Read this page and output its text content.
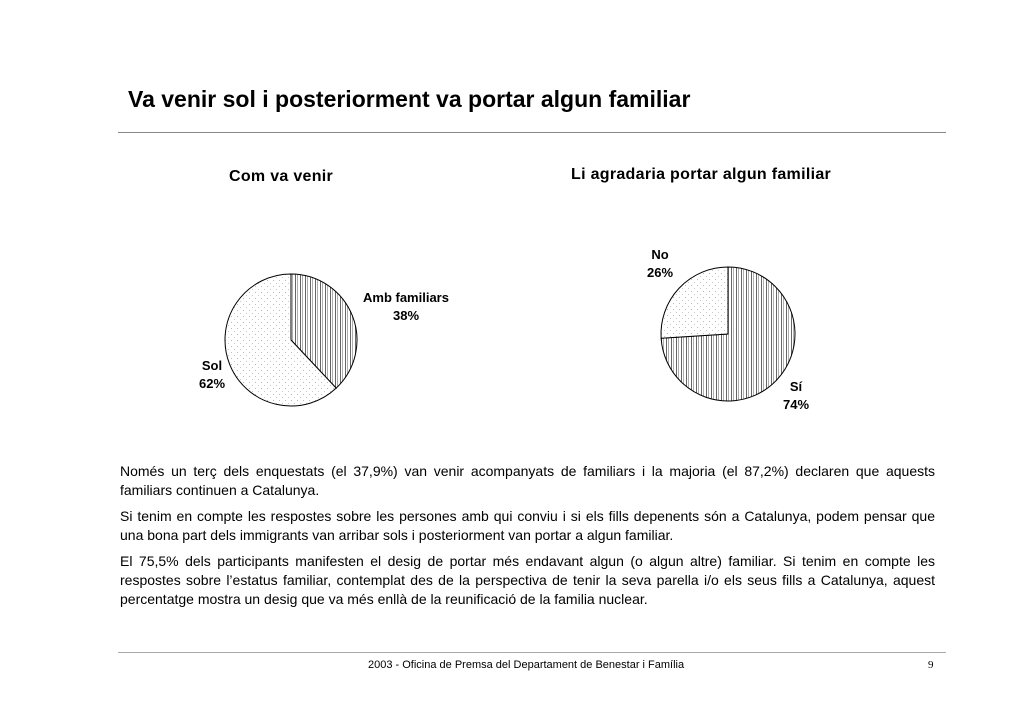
Va venir sol i posteriorment va portar algun familiar
Com va venir
Amb familiars
38%
Sol
62%
Li agradaria portar algun familiar
No
26%
Sí
74%

Només un terç dels enquestats (el 37,9%) van venir acompanyats de familiars i la majoria (el 87,2%) declaren que aquests familiars continuen a Catalunya.

Si tenim en compte les respostes sobre les persones amb qui conviu i si els fills depenents són a Catalunya, podem pensar que una bona part dels immigrants van arribar sols i posteriorment van portar a algun familiar.

El 75,5% dels participants manifesten el desig de portar més endavant algun (o algun altre) familiar. Si tenim en compte les respostes sobre l’estatus familiar, contemplat des de la perspectiva de tenir la seva parella i/o els seus fills a Catalunya, aquest percentatge mostra un desig que va més enllà de la reunificació de la familia nuclear.

2003 - Oficina de Premsa del Departament de Benestar i Família	9
